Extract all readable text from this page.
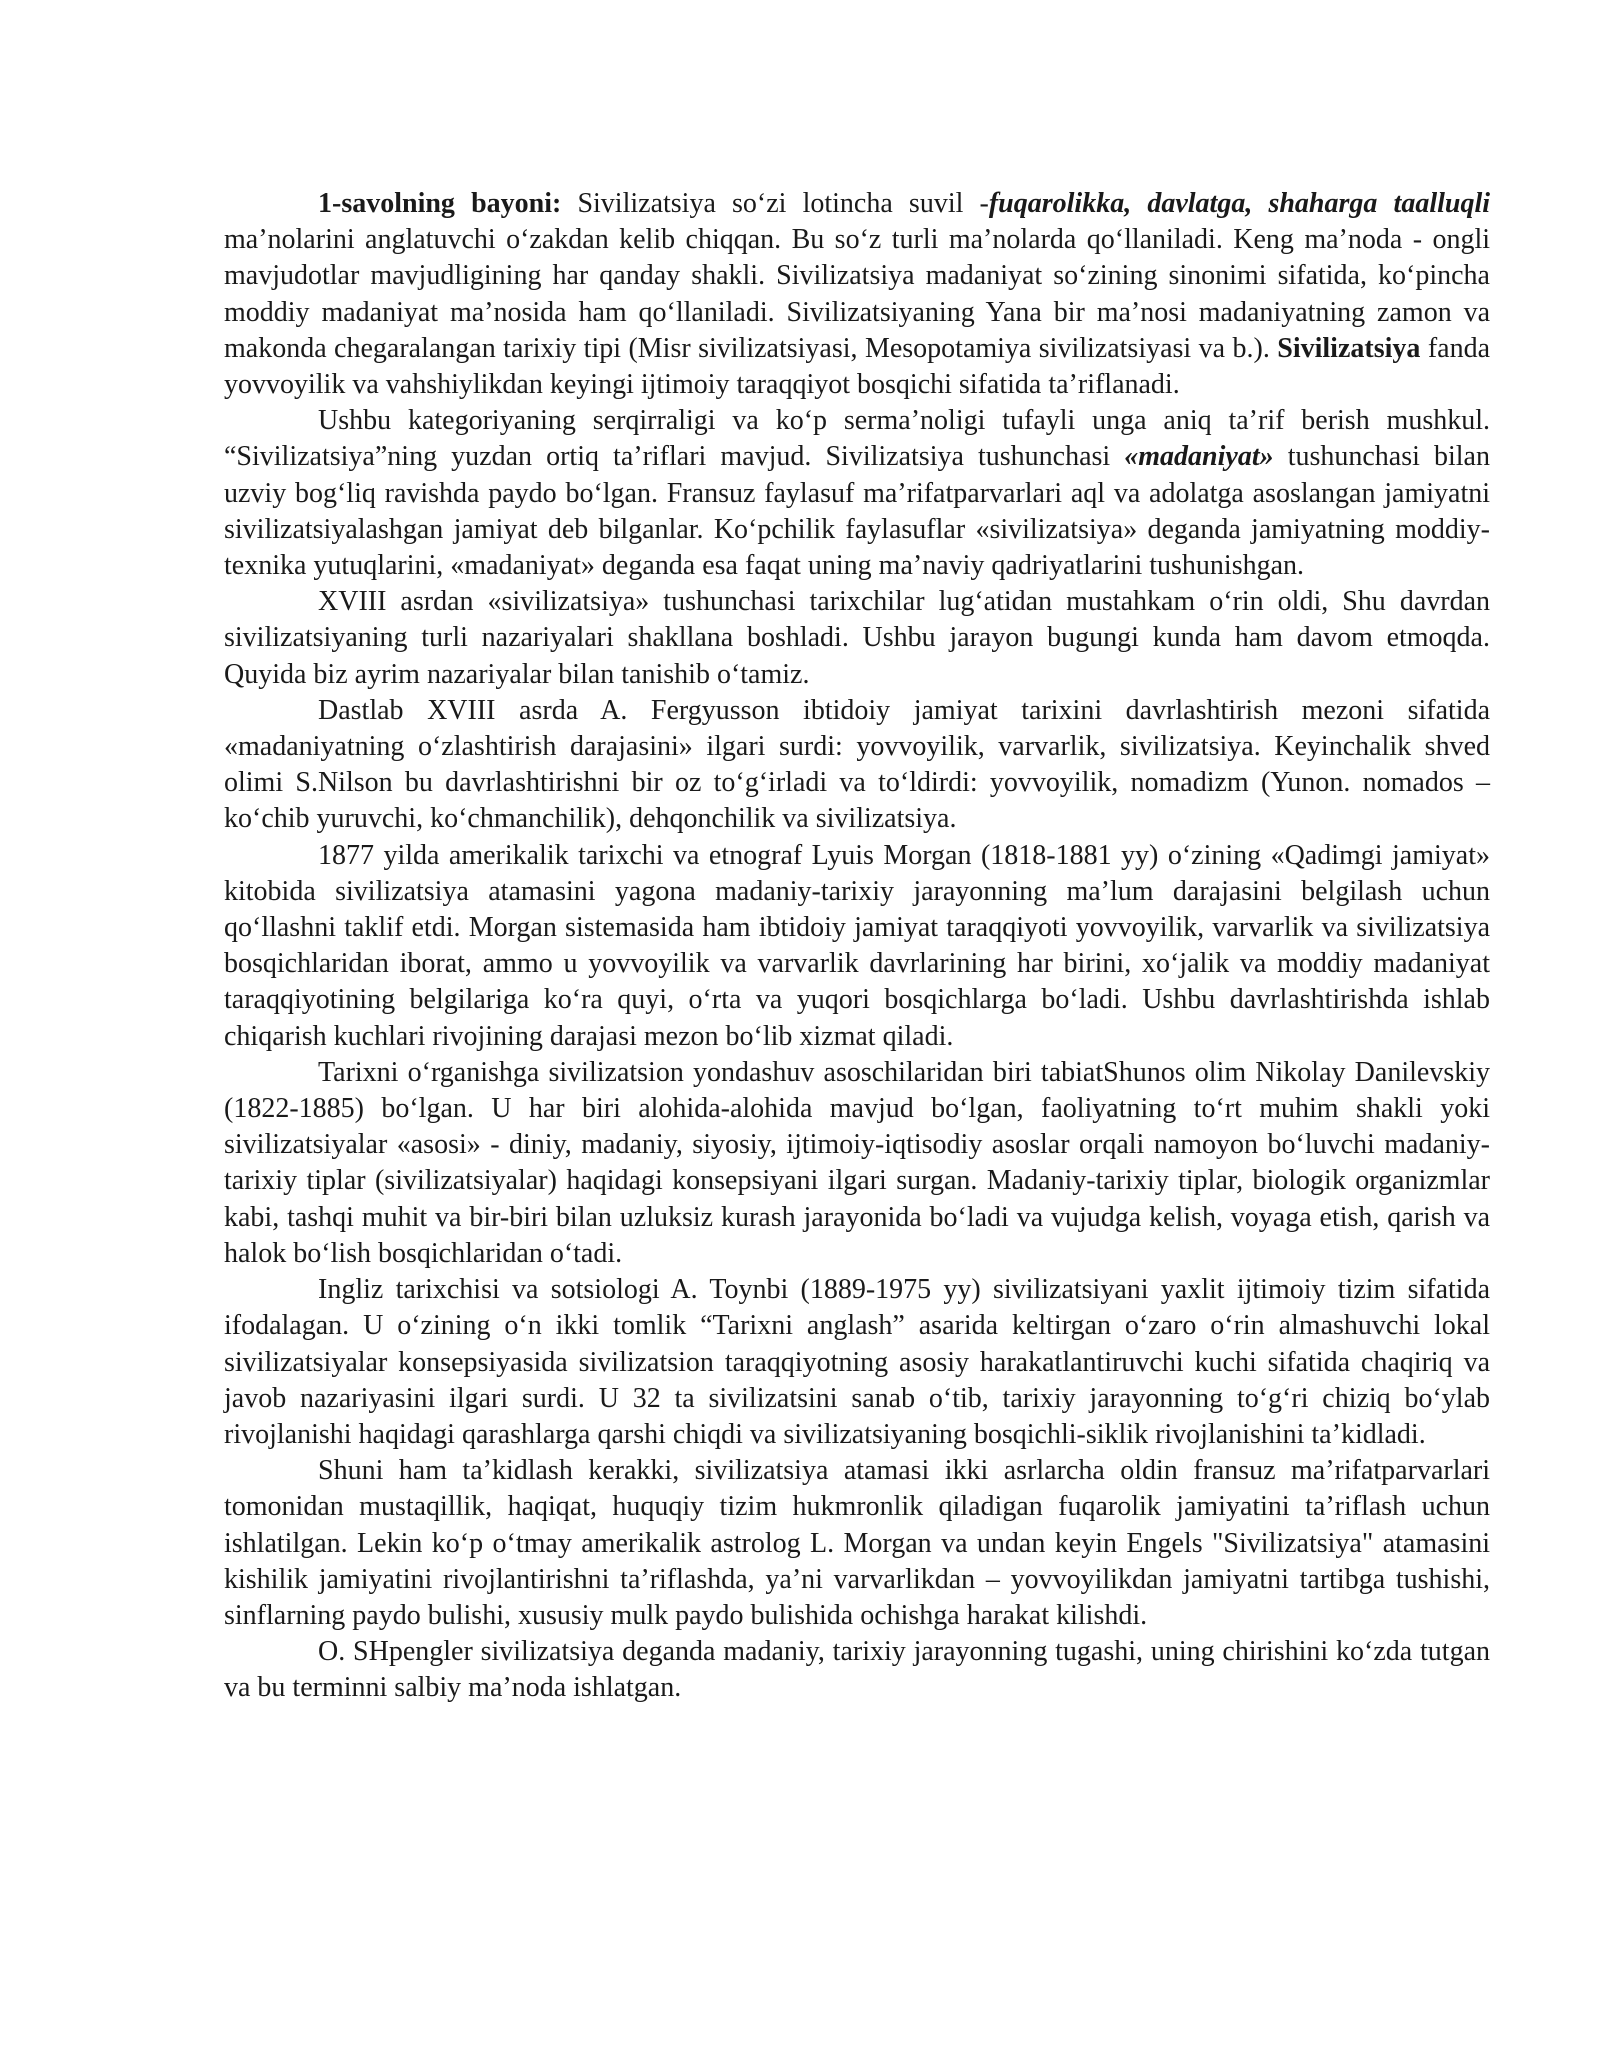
1-savolning bayoni: Sivilizatsiya so‘zi lotincha suvil -fuqarolikka, davlatga, shaharga taalluqli ma’nolarini anglatuvchi o‘zakdan kelib chiqqan. Bu so‘z turli ma’nolarda qo‘llaniladi. Keng ma’noda - ongli mavjudotlar mavjudligining har qanday shakli. Sivilizatsiya madaniyat so‘zining sinonimi sifatida, ko‘pincha moddiy madaniyat ma’nosida ham qo‘llaniladi. Sivilizatsiyaning Yana bir ma’nosi madaniyatning zamon va makonda chegaralangan tarixiy tipi (Misr sivilizatsiyasi, Mesopotamiya sivilizatsiyasi va b.). Sivilizatsiya fanda yovvoyilik va vahshiylikdan keyingi ijtimoiy taraqqiyot bosqichi sifatida ta’riflanadi.

Ushbu kategoriyaning serqirraligi va ko‘p serma’noligi tufayli unga aniq ta’rif berish mushkul. “Sivilizatsiya”ning yuzdan ortiq ta’riflari mavjud. Sivilizatsiya tushunchasi «madaniyat» tushunchasi bilan uzviy bog‘liq ravishda paydo bo‘lgan. Fransuz faylasuf ma’rifatparvarlari aql va adolatga asoslangan jamiyatni sivilizatsiyalashgan jamiyat deb bilganlar. Ko‘pchilik faylasuflar «sivilizatsiya» deganda jamiyatning moddiy-texnika yutuqlarini, «madaniyat» deganda esa faqat uning ma’naviy qadriyatlarini tushunishgan.

XVIII asrdan «sivilizatsiya» tushunchasi tarixchilar lug‘atidan mustahkam o‘rin oldi, Shu davrdan sivilizatsiyaning turli nazariyalari shakllana boshladi. Ushbu jarayon bugungi kunda ham davom etmoqda. Quyida biz ayrim nazariyalar bilan tanishib o‘tamiz.

Dastlab XVIII asrda A. Fergyusson ibtidoiy jamiyat tarixini davrlashtirish mezoni sifatida «madaniyatning o‘zlashtirish darajasini» ilgari surdi: yovvoyilik, varvarlik, sivilizatsiya. Keyinchalik shved olimi S.Nilson bu davrlashtirishni bir oz to‘g‘irladi va to‘ldirdi: yovvoyilik, nomadizm (Yunon. nomados – ko‘chib yuruvchi, ko‘chmanchilik), dehqonchilik va sivilizatsiya.

1877 yilda amerikalik tarixchi va etnograf Lyuis Morgan (1818-1881 yy) o‘zining «Qadimgi jamiyat» kitobida sivilizatsiya atamasini yagona madaniy-tarixiy jarayonning ma’lum darajasini belgilash uchun qo‘llashni taklif etdi. Morgan sistemasida ham ibtidoiy jamiyat taraqqiyoti yovvoyilik, varvarlik va sivilizatsiya bosqichlaridan iborat, ammo u yovvoyilik va varvarlik davrlarining har birini, xo‘jalik va moddiy madaniyat taraqqiyotining belgilariga ko‘ra quyi, o‘rta va yuqori bosqichlarga bo‘ladi. Ushbu davrlashtirishda ishlab chiqarish kuchlari rivojining darajasi mezon bo‘lib xizmat qiladi.

Tarixni o‘rganishga sivilizatsion yondashuv asoschilaridan biri tabiatShunos olim Nikolay Danilevskiy (1822-1885) bo‘lgan. U har biri alohida-alohida mavjud bo‘lgan, faoliyatning to‘rt muhim shakli yoki sivilizatsiyalar «asosi» - diniy, madaniy, siyosiy, ijtimoiy-iqtisodiy asoslar orqali namoyon bo‘luvchi madaniy-tarixiy tiplar (sivilizatsiyalar) haqidagi konsepsiyani ilgari surgan. Madaniy-tarixiy tiplar, biologik organizmlar kabi, tashqi muhit va bir-biri bilan uzluksiz kurash jarayonida bo‘ladi va vujudga kelish, voyaga etish, qarish va halok bo‘lish bosqichlaridan o‘tadi.

Ingliz tarixchisi va sotsiologi A. Toynbi (1889-1975 yy) sivilizatsiyani yaxlit ijtimoiy tizim sifatida ifodalagan. U o‘zining o‘n ikki tomlik “Tarixni anglash” asarida keltirgan o‘zaro o‘rin almashuvchi lokal sivilizatsiyalar konsepsiyasida sivilizatsion taraqqiyotning asosiy harakatlantiruvchi kuchi sifatida chaqiriq va javob nazariyasini ilgari surdi. U 32 ta sivilizatsini sanab o‘tib, tarixiy jarayonning to‘g‘ri chiziq bo‘ylab rivojlanishi haqidagi qarashlarga qarshi chiqdi va sivilizatsiyaning bosqichli-siklik rivojlanishini ta’kidladi.

Shuni ham ta’kidlash kerakki, sivilizatsiya atamasi ikki asrlarcha oldin fransuz ma’rifatparvarlari tomonidan mustaqillik, haqiqat, huquqiy tizim hukmronlik qiladigan fuqarolik jamiyatini ta’riflash uchun ishlatilgan. Lekin ko‘p o‘tmay amerikalik astrolog L. Morgan va undan keyin Engels "Sivilizatsiya" atamasini kishilik jamiyatini rivojlantirishni ta’riflashda, ya’ni varvarlikdan – yovvoyilikdan jamiyatni tartibga tushishi, sinflarning paydo bulishi, xususiy mulk paydo bulishida ochishga harakat kilishdi.

O. SHpengler sivilizatsiya deganda madaniy, tarixiy jarayonning tugashi, uning chirishini ko‘zda tutgan va bu terminni salbiy ma’noda ishlatgan.
